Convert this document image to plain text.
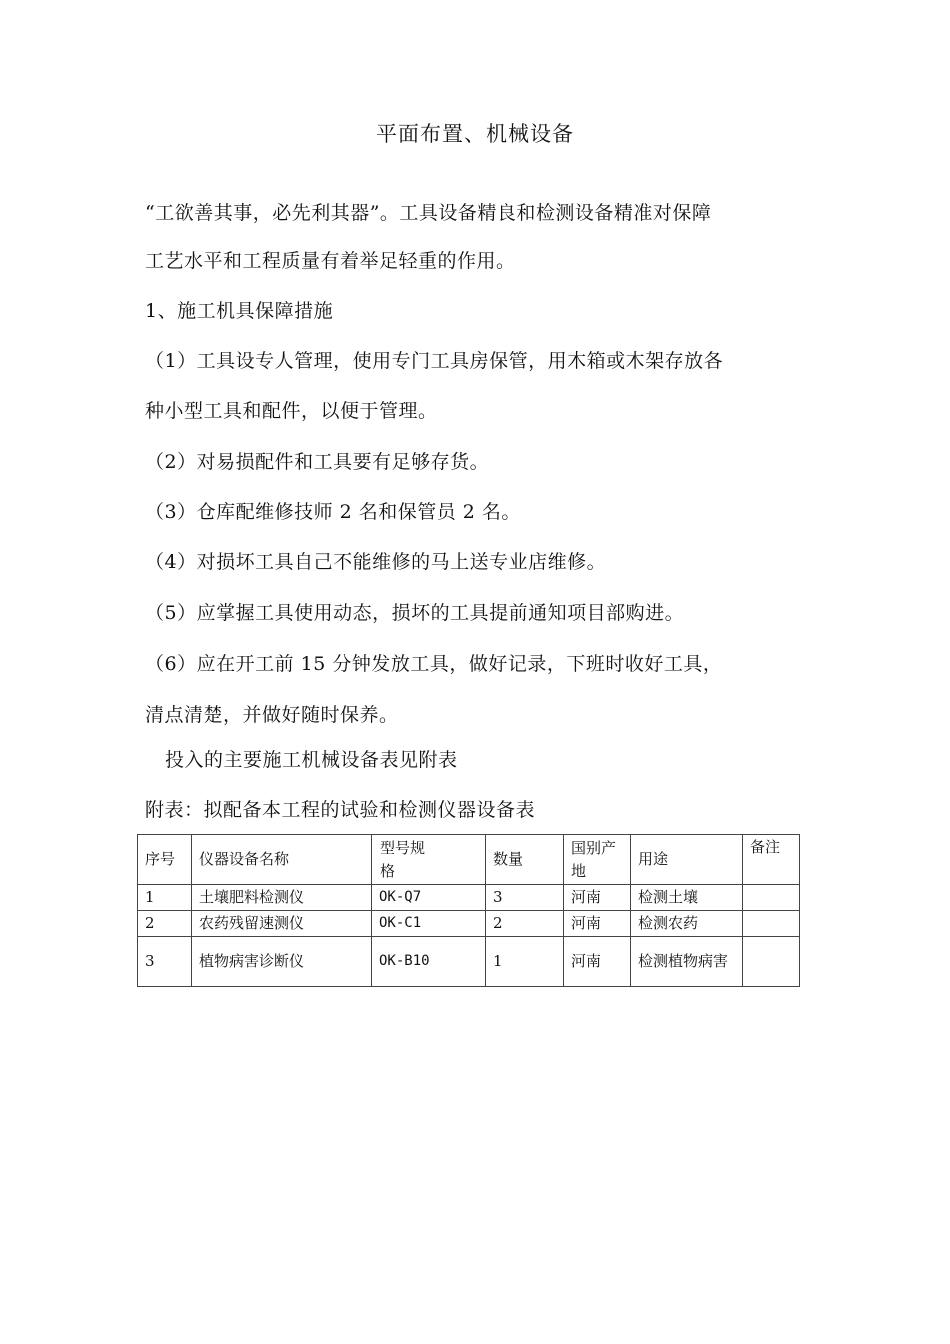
平面布置、机械设备
“工欲善其事，必先利其器”。工具设备精良和检测设备精准对保障
工艺水平和工程质量有着举足轻重的作用。
1、施工机具保障措施
（1）工具设专人管理，使用专门工具房保管，用木箱或木架存放各
种小型工具和配件，以便于管理。
（2）对易损配件和工具要有足够存货。
（3）仓库配维修技师 2 名和保管员 2 名。
（4）对损坏工具自己不能维修的马上送专业店维修。
（5）应掌握工具使用动态，损坏的工具提前通知项目部购进。
（6）应在开工前 15 分钟发放工具，做好记录，下班时收好工具，
清点清楚，并做好随时保养。
投入的主要施工机械设备表见附表
附表：拟配备本工程的试验和检测仪器设备表
序号	仪器设备名称	型号规格	数量	国别产地	用途	备注
1	土壤肥料检测仪	OK-Q7	3	河南	检测土壤	
2	农药残留速测仪	OK-C1	2	河南	检测农药	
3	植物病害诊断仪	OK-B10	1	河南	检测植物病害	
